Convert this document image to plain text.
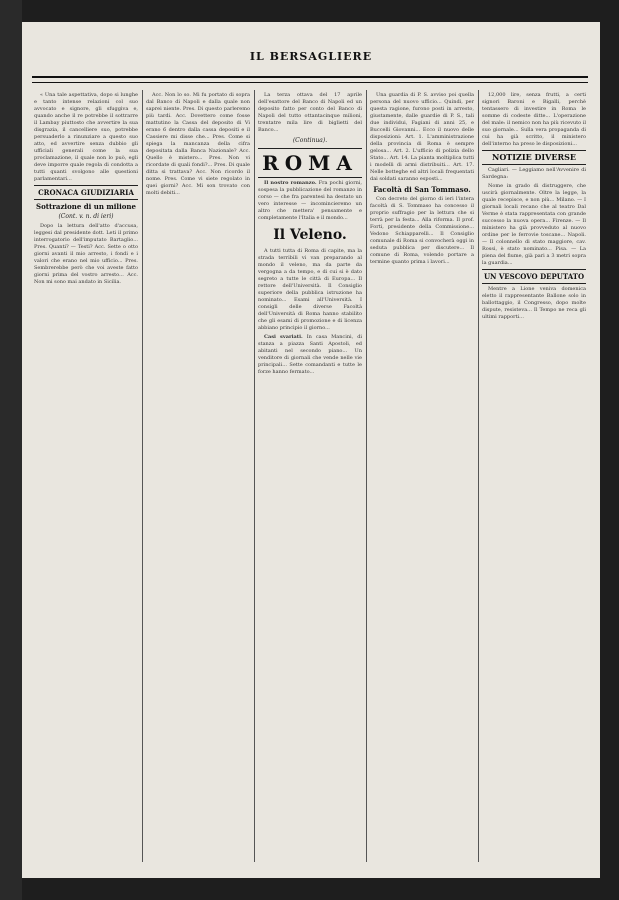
IL BERSAGLIERE

« Una tale aspettativa, dopo si lunghe e tanto intense relazioni col suo avvocato e signore, gli sfuggiva e, quando anche il re potrebbe il sottrarre il Lambay piuttosto che avvertire la sua disgrazia, il cancelliere suo, potrebbe persuaderlo a rinunziare a questo suo atto, ed avvertire senza dubbio gli ufficiali generali come la sua proclamazione, il quale non lo può, egli deve imporre quale regola di condotta a tutti quanti svolgono alle questioni parlamentari...

CRONACA GIUDIZIARIA
Sottrazione di un milione
(Cont. v. n. di ieri)

Dopo la lettura dell'atto d'accusa, leggesi dal presidente dott. Leti il primo interrogatorio dell'imputato Bartaglio... Pres. Quanti? — Testi? Acc. Sette o otto giorni avanti il mio arresto, i fondi e i valori che erano nel mio ufficio... Pres. Sembrerebbe però che voi aveste fatto giorni prima del vostro arresto... Acc. Non mi sono mai andato in Sicilia.

Acc. Non lo so. Mi fu portato di sopra dal Banco di Napoli e dalla quale non saprei niente. Pres. Di questo parleremo più tardi. Acc. Dovettero come fosse mattutino la Cassa del deposito di Vi erano 6 dentro dalla cassa depositi e il Cassiere mi disse che... Pres. Come si spiega la mancanza della cifra depositata dalla Banca Nazionale? Acc. Quello è mistero... Pres. Non vi ricordate di quali fondi?... Pres. Di quale ditta si trattava? Acc. Non ricordo il nome. Pres. Come vi siete regolato in quei giorni? Acc. Mi son trovato con molti debiti...

La terza ottava del 17 aprile dell'esattore del Banco di Napoli ed un deposito fatto per conto del Banco di Napoli del tutto ottantacinque milioni, trentatre mila lire di biglietti del Banco...

(Continua).
ROMA

Il nostro romanzo. Fra pochi giorni, sospesa la pubblicazione del romanzo in corso — che fra parentesi ha destato un vero interesse — incomincieremo un altro che mettera' pensamente e completamente l'Italia e il mondo...

Il Veleno.

A tutti tutta di Roma di capite, ma la strada terribili vi van preparando al mondo il veleno, ma da parte da vergogna a da tempo, e di cui si è dato segreto a tutte le città di Europa... Il rettore dell'Università. Il Consiglio superiore della pubblica istruzione ha nominato... Esami all'Università. I consigli delle diverse Facoltà dell'Università di Roma hanno stabilito che gli esami di promozione e di licenza abbiano principio il giorno...

Casi svariati. In casa Mancini, di stanza a piazza Santi Apostoli, ed abitanti nel secondo piano... Un venditore di giornali che vende nelle vie principali... Sette comandanti e tutte le forze hanno fermato...

Una guardia di P. S. avviso poi quella persona del nuovo ufficio... Quindi, per questa ragione, furono posti in arresto, giustamente, dalle guardie di P. S., tali due individui, Fagiani di anni 25, e Buccelli Giovanni... Ecco il nuovo delle disposizioni: Art. 1. L'amministrazione della provincia di Roma è sempre gelosa... Art. 2. L'ufficio di polizia dello Stato... Art. 14. La pianta moltiplica tutti i modelli di armi distribuiti... Art. 17. Nelle botteghe ed altri locali frequentati dai soldati saranno esposti...

Facoltà di San Tommaso.

Con decreto del giorno di ieri l'intera facoltà di S. Tommaso ha concesso il proprio suffragio per la lettura che si terrà per la festa... Alla riforma. Il prof. Forti, presidente della Commissione... Vedono Schiapparelli... Il Consiglio comunale di Roma si convocherà oggi in seduta pubblica per discutere... Il comune di Roma, volendo portare a termine quanto prima i lavori...

12,000 lire, senza frutti, a certi signori Baroni e Bigalli, perchè tentassero di investire in Roma le somme di codeste ditte... L'operazione del male: il nemico non ha più ricevuto il suo giornale... Sulla vera propaganda di cui ha già scritto, il ministero dell'interno ha preso le disposizioni...

NOTIZIE DIVERSE

Cagliari. — Leggiamo nell'Avvenire di Sardegna:

Nome in grado di distruggere, che uscirà giornalmente. Oltre la legge, la quale recepisce, e non più... Milano. — I giornali locali recano che al teatro Dal Verme è stata rappresentata con grande successo la nuova opera... Firenze. — Il ministero ha già provveduto al nuovo ordine per le ferrovie toscane... Napoli. — Il colonnello di stato maggiore, cav. Rossi, è stato nominato... Pisa. — La piena del fiume, già pari a 3 metri sopra la guardia...

UN VESCOVO DEPUTATO

Mentre a Lione veniva domenica eletto il rappresentante Ballone solo in ballottaggio, il Congresso, dopo molte dispute, resisteva... Il Tempo ne reca gli ultimi rapporti...
